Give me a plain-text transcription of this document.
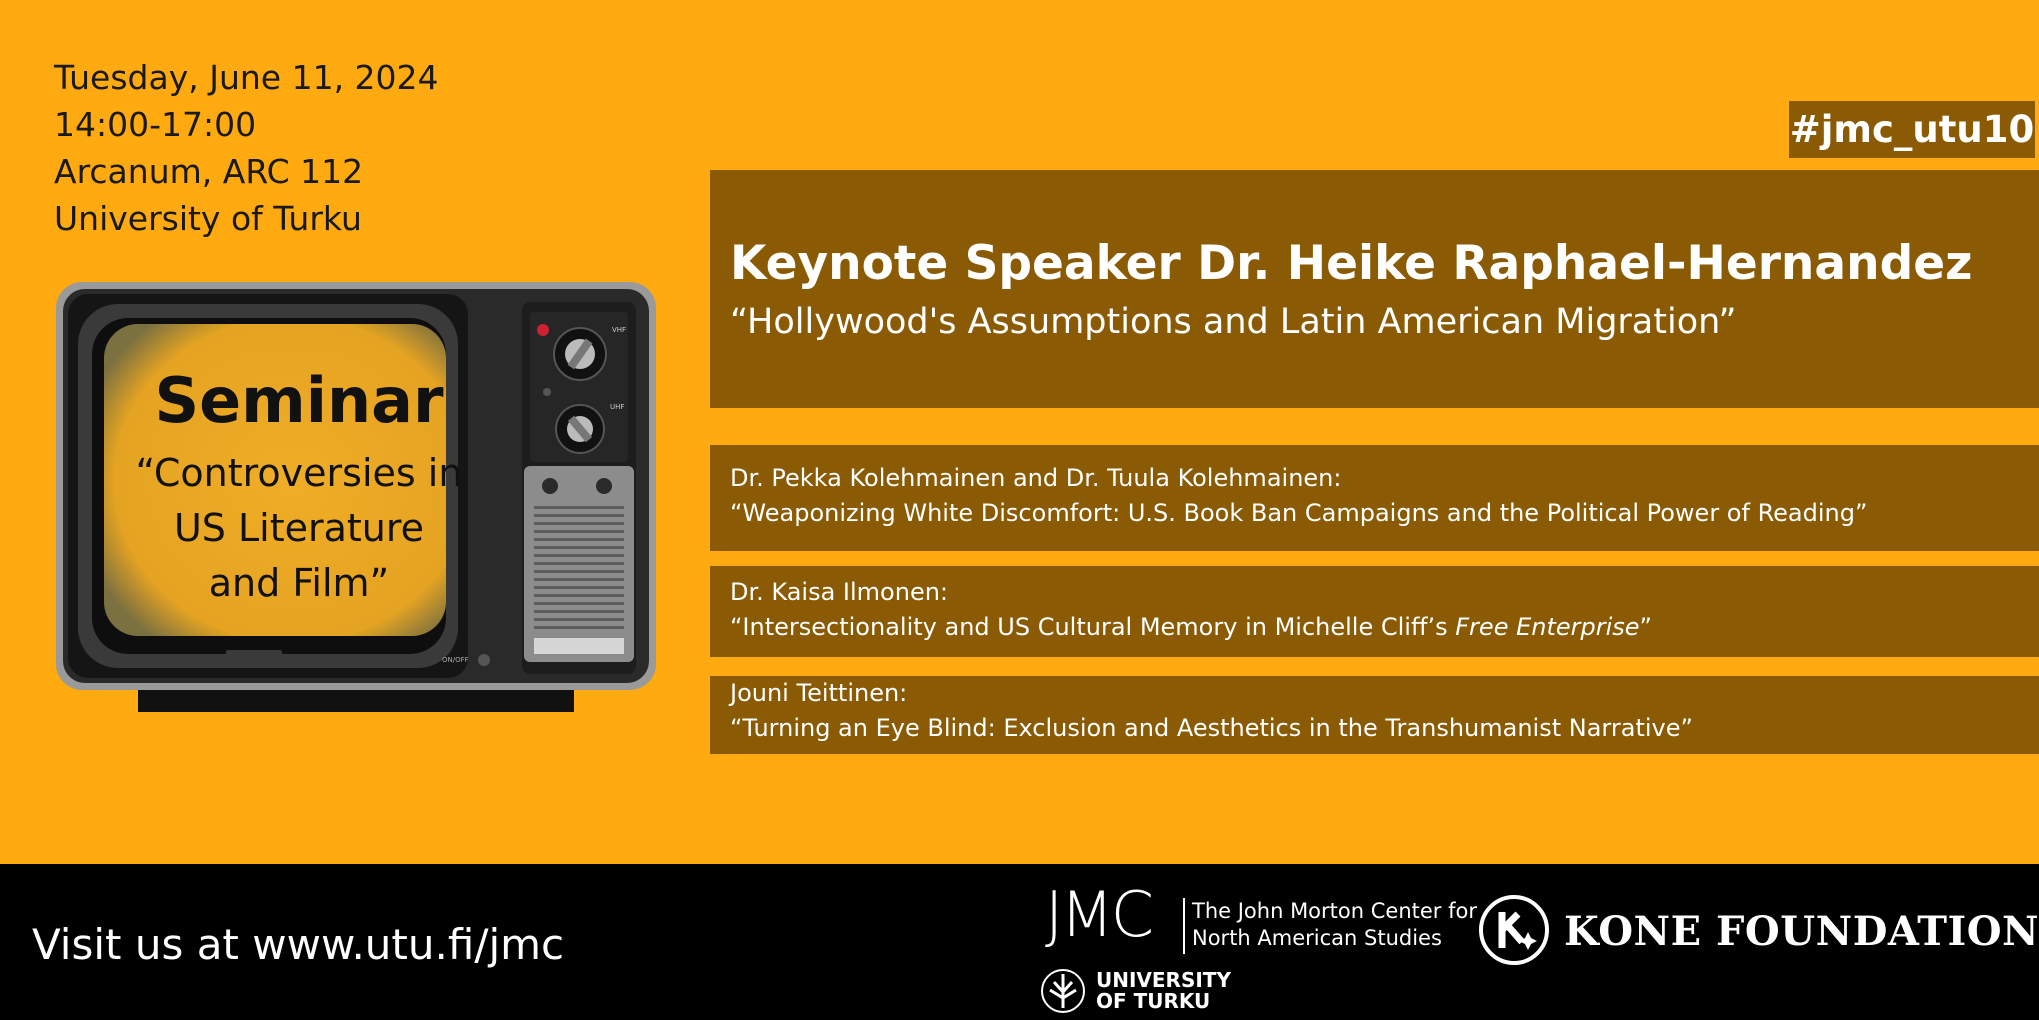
Tuesday, June 11, 2024
14:00-17:00
Arcanum, ARC 112
University of Turku
#jmc_utu10
Seminar
“Controversies in
US Literature
and Film”
VHF
UHF
ON/OFF
Keynote Speaker Dr. Heike Raphael-Hernandez
“Hollywood's Assumptions and Latin American Migration”
Dr. Pekka Kolehmainen and Dr. Tuula Kolehmainen:
“Weaponizing White Discomfort: U.S. Book Ban Campaigns and the Political Power of Reading”
Dr. Kaisa Ilmonen:
“Intersectionality and US Cultural Memory in Michelle Cliff’s Free Enterprise”
Jouni Teittinen:
“Turning an Eye Blind: Exclusion and Aesthetics in the Transhumanist Narrative”
Visit us at www.utu.fi/jmc	JMC The John Morton Center for
North American Studies
UNIVERSITY
OF TURKU
KONE FOUNDATION
